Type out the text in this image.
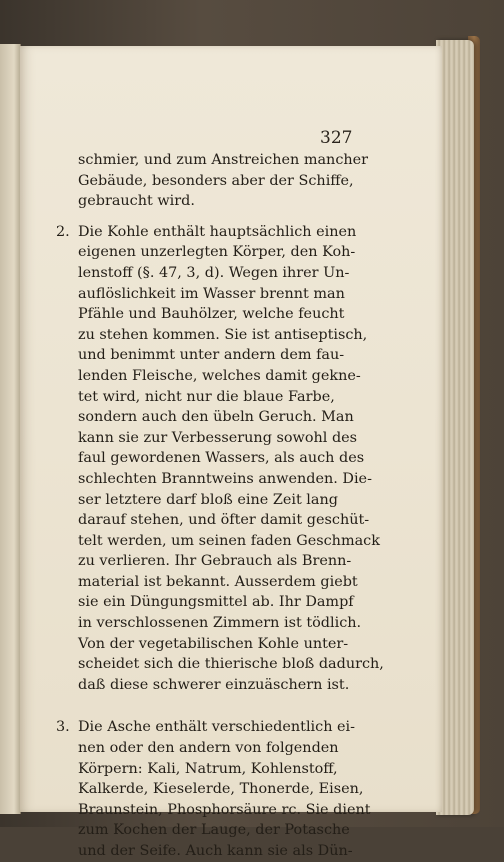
327

schmier, und zum Anstreichen mancher
Gebäude, besonders aber der Schiffe,
gebraucht wird.
2. Die Kohle enthält hauptsächlich einen
eigenen unzerlegten Körper, den Koh-
lenstoff (§. 47, 3, d). Wegen ihrer Un-
auflöslichkeit im Wasser brennt man
Pfähle und Bauhölzer, welche feucht
zu stehen kommen. Sie ist antiseptisch,
und benimmt unter andern dem fau-
lenden Fleische, welches damit gekne-
tet wird, nicht nur die blaue Farbe,
sondern auch den übeln Geruch. Man
kann sie zur Verbesserung sowohl des
faul gewordenen Wassers, als auch des
schlechten Branntweins anwenden. Die-
ser letztere darf bloß eine Zeit lang
darauf stehen, und öfter damit geschüt-
telt werden, um seinen faden Geschmack
zu verlieren. Ihr Gebrauch als Brenn-
material ist bekannt. Ausserdem giebt
sie ein Düngungsmittel ab. Ihr Dampf
in verschlossenen Zimmern ist tödlich.
Von der vegetabilischen Kohle unter-
scheidet sich die thierische bloß dadurch,
daß diese schwerer einzuäschern ist.
3. Die Asche enthält verschiedentlich ei-
nen oder den andern von folgenden
Körpern: Kali, Natrum, Kohlenstoff,
Kalkerde, Kieselerde, Thonerde, Eisen,
Braunstein, Phosphorsäure rc. Sie dient
zum Kochen der Lauge, der Potasche
und der Seife. Auch kann sie als Dün-
